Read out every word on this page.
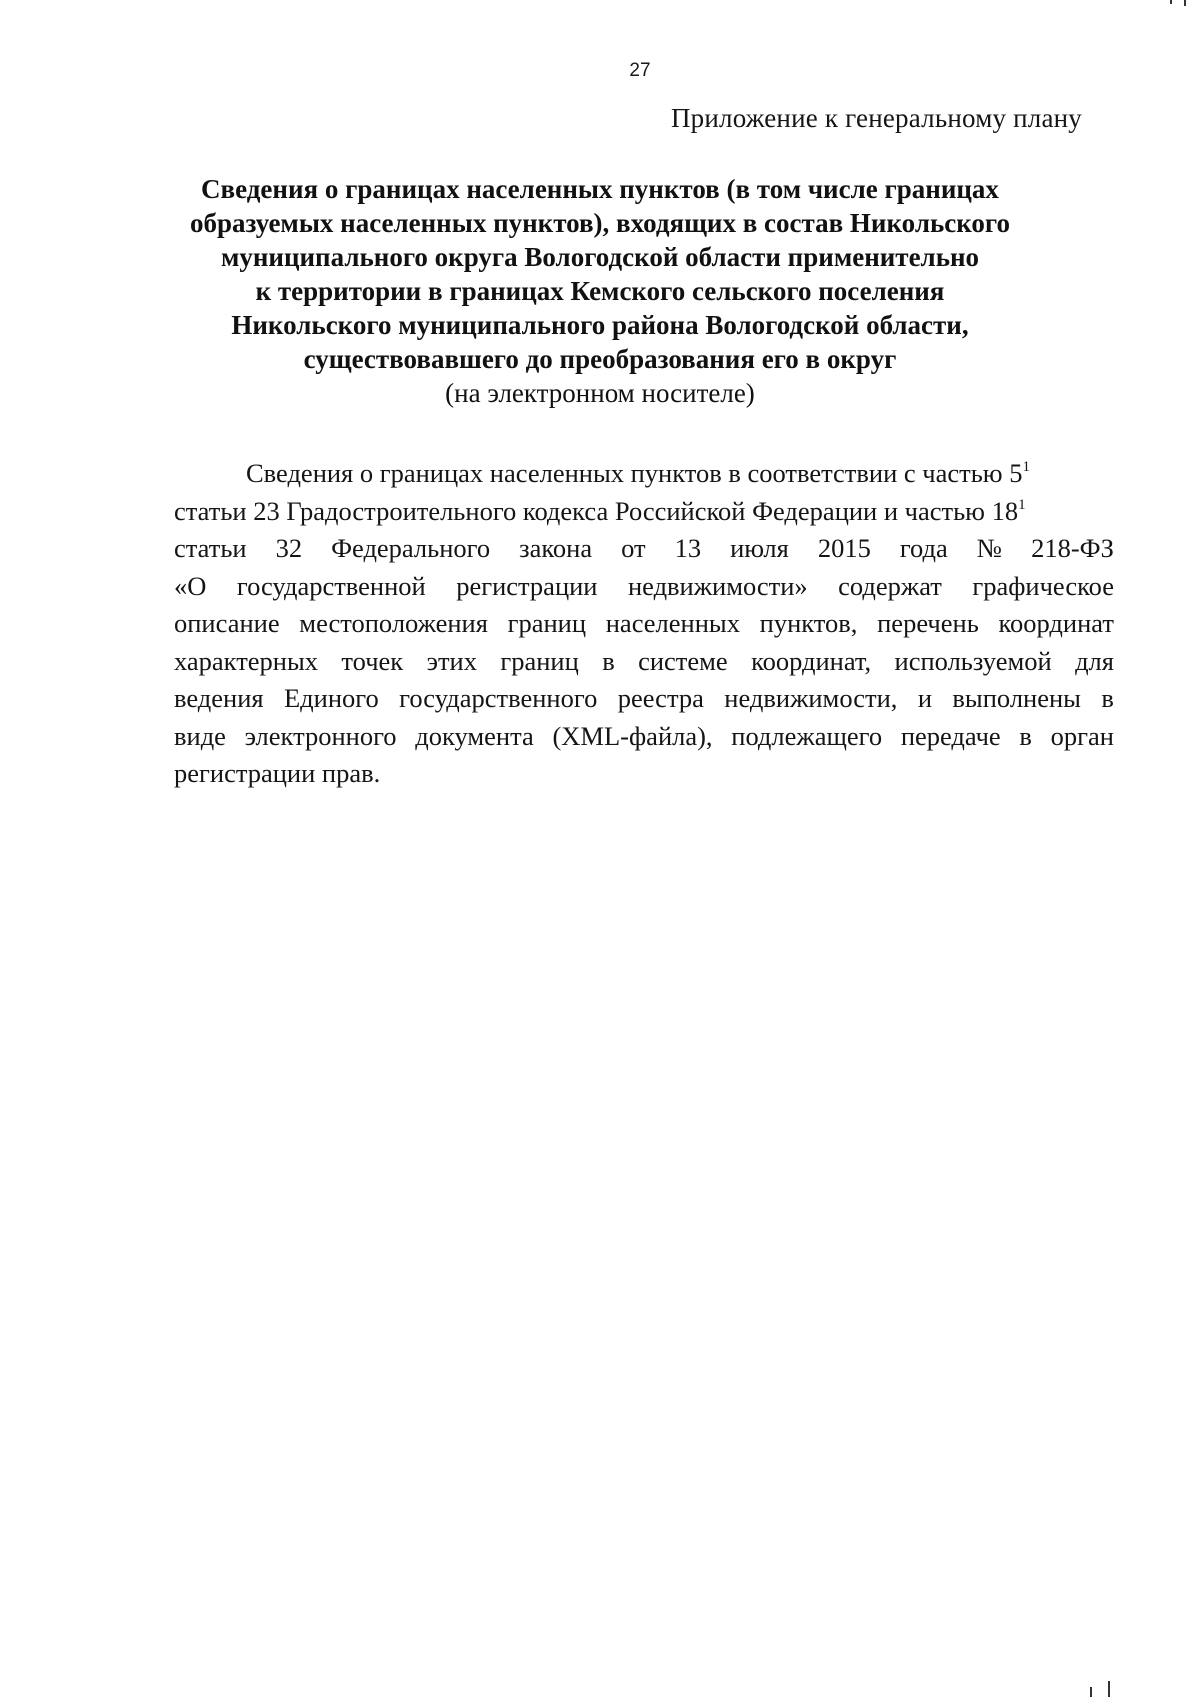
27
Приложение к генеральному плану
Сведения о границах населенных пунктов (в том числе границах
образуемых населенных пунктов), входящих в состав Никольского
муниципального округа Вологодской области применительно
к территории в границах Кемского сельского поселения
Никольского муниципального района Вологодской области,
существовавшего до преобразования его в округ
(на электронном носителе)
Сведения о границах населенных пунктов в соответствии с частью $5^1$
статьи 23 Градостроительного кодекса Российской Федерации и частью $18^1$
статьи 32 Федерального закона от 13 июля 2015 года № 218-ФЗ
«О государственной регистрации недвижимости» содержат графическое
описание местоположения границ населенных пунктов, перечень координат
характерных точек этих границ в системе координат, используемой для
ведения Единого государственного реестра недвижимости, и выполнены в
виде электронного документа (XML-файла), подлежащего передаче в орган
регистрации прав.
